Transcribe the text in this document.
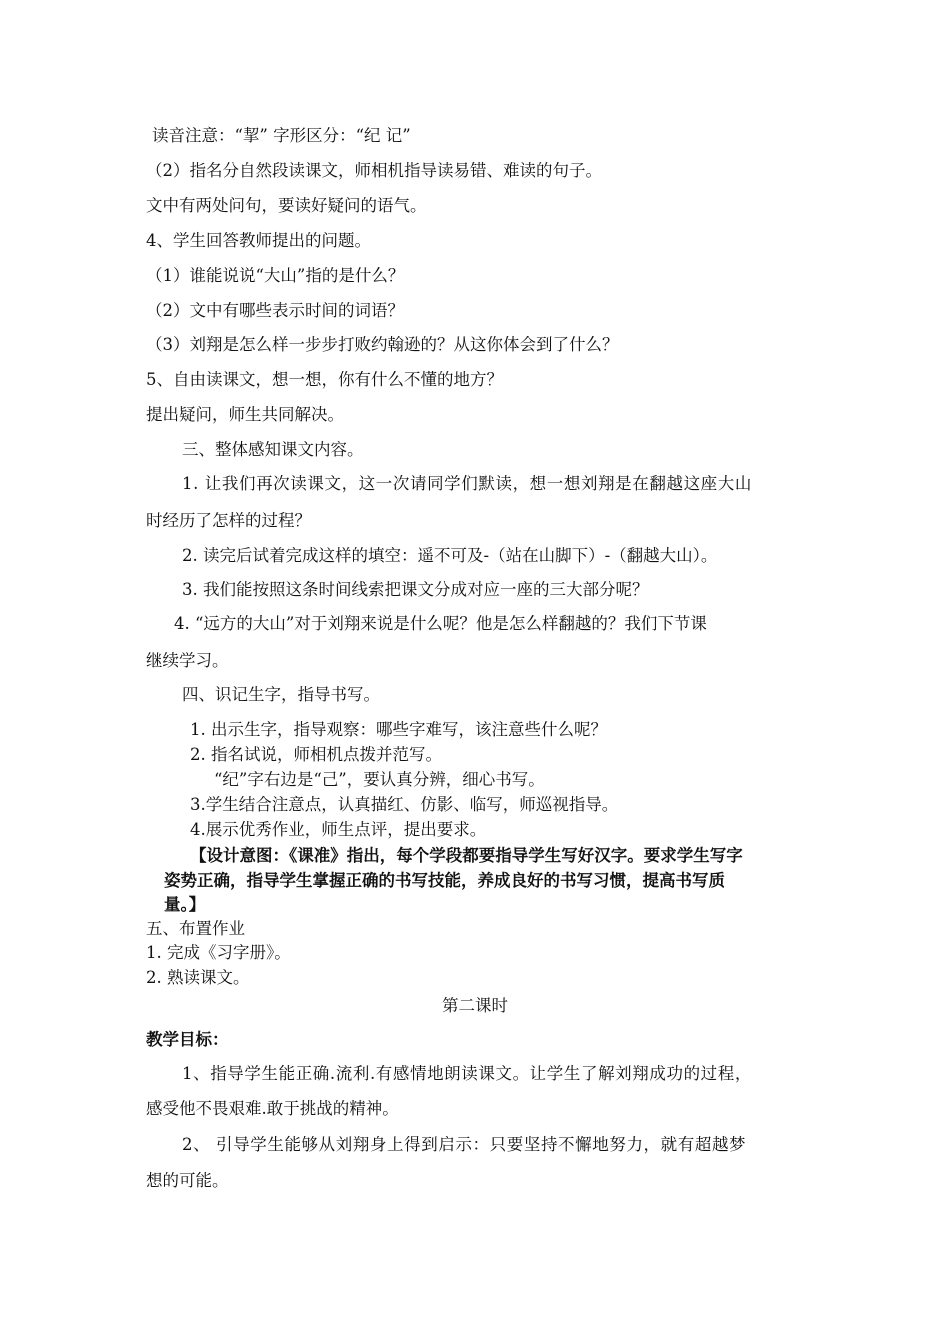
读音注意：“挈” 字形区分：“纪 记”
（2）指名分自然段读课文，师相机指导读易错、难读的句子。
文中有两处问句，要读好疑问的语气。
4、学生回答教师提出的问题。
（1）谁能说说“大山”指的是什么？
（2）文中有哪些表示时间的词语？
（3）刘翔是怎么样一步步打败约翰逊的？从这你体会到了什么？
5、自由读课文，想一想，你有什么不懂的地方？
提出疑问，师生共同解决。
三、整体感知课文内容。
1. 让我们再次读课文，这一次请同学们默读，想一想刘翔是在翻越这座大山
时经历了怎样的过程？
2. 读完后试着完成这样的填空：遥不可及-（站在山脚下）-（翻越大山）。
3. 我们能按照这条时间线索把课文分成对应一座的三大部分呢？
4. “远方的大山”对于刘翔来说是什么呢？他是怎么样翻越的？我们下节课
继续学习。
四、识记生字，指导书写。
1. 出示生字，指导观察：哪些字难写，该注意些什么呢？
2. 指名试说，师相机点拨并范写。
“纪”字右边是“己”，要认真分辨，细心书写。
3.学生结合注意点，认真描红、仿影、临写，师巡视指导。
4.展示优秀作业，师生点评，提出要求。
【设计意图：《课准》指出，每个学段都要指导学生写好汉字。要求学生写字
姿势正确，指导学生掌握正确的书写技能，养成良好的书写习惯，提高书写质
量。】
五、布置作业
1. 完成《习字册》。
2. 熟读课文。
第二课时
教学目标：
1、指导学生能正确.流利.有感情地朗读课文。让学生了解刘翔成功的过程，
感受他不畏艰难.敢于挑战的精神。
2、 引导学生能够从刘翔身上得到启示：只要坚持不懈地努力，就有超越梦
想的可能。
